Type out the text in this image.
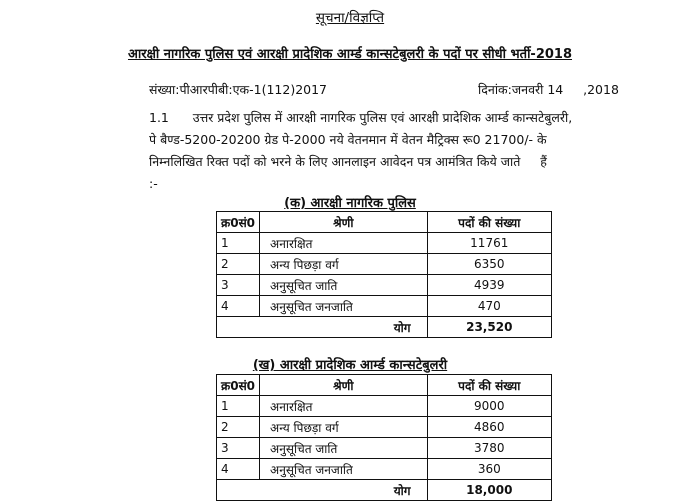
सूचना/विज्ञप्ति
आरक्षी नागरिक पुलिस एवं आरक्षी प्रादेशिक आर्म्ड कान्सटेबुलरी के पदों पर सीधी भर्ती-2018
संख्या:पीआरपीबी:एक-1(112)2017	दिनांक:जनवरी 14     ,2018
1.1      उत्तर प्रदेश पुलिस में आरक्षी नागरिक पुलिस एवं आरक्षी प्रादेशिक आर्म्ड कान्सटेबुलरी,
पे बैण्ड-5200-20200 ग्रेड पे-2000 नये वेतनमान में वेतन मैट्रिक्स रू0 21700/- के
निम्नलिखित रिक्त पदों को भरने के लिए आनलाइन आवेदन पत्र आमंत्रित किये जाते     हैं
:-
(क) आरक्षी नागरिक पुलिस
क्र0सं0	श्रेणी	पदों की संख्या
1	अनारक्षित	11761
2	अन्य पिछड़ा वर्ग	6350
3	अनुसूचित जाति	4939
4	अनुसूचित जनजाति	470
योग		23,520
(ख) आरक्षी प्रादेशिक आर्म्ड कान्सटेबुलरी
क्र0सं0	श्रेणी	पदों की संख्या
1	अनारक्षित	9000
2	अन्य पिछड़ा वर्ग	4860
3	अनुसूचित जाति	3780
4	अनुसूचित जनजाति	360
योग		18,000
